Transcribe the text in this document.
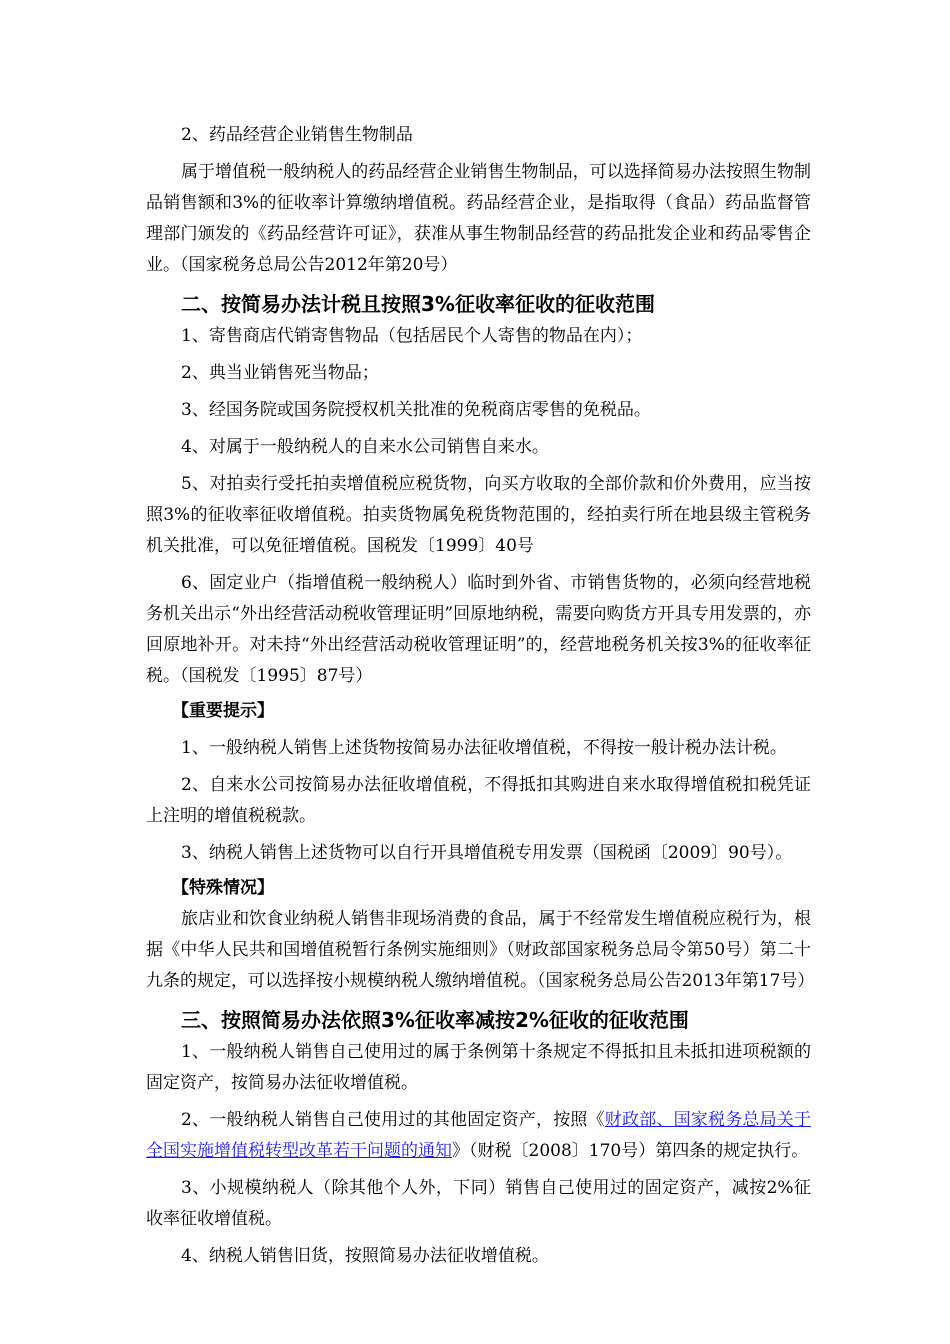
2、药品经营企业销售生物制品

属于增值税一般纳税人的药品经营企业销售生物制品，可以选择简易办法按照生物制品销售额和3%的征收率计算缴纳增值税。药品经营企业，是指取得（食品）药品监督管理部门颁发的《药品经营许可证》，获准从事生物制品经营的药品批发企业和药品零售企业。（国家税务总局公告2012年第20号）

二、按简易办法计税且按照3%征收率征收的征收范围

1、寄售商店代销寄售物品（包括居民个人寄售的物品在内）；

2、典当业销售死当物品；

3、经国务院或国务院授权机关批准的免税商店零售的免税品。

4、对属于一般纳税人的自来水公司销售自来水。

5、对拍卖行受托拍卖增值税应税货物，向买方收取的全部价款和价外费用，应当按照3%的征收率征收增值税。拍卖货物属免税货物范围的，经拍卖行所在地县级主管税务机关批准，可以免征增值税。国税发〔1999〕40号

6、固定业户（指增值税一般纳税人）临时到外省、市销售货物的，必须向经营地税务机关出示“外出经营活动税收管理证明”回原地纳税，需要向购货方开具专用发票的，亦回原地补开。对未持“外出经营活动税收管理证明”的，经营地税务机关按3%的征收率征税。（国税发〔1995〕87号）

【重要提示】

1、一般纳税人销售上述货物按简易办法征收增值税，不得按一般计税办法计税。

2、自来水公司按简易办法征收增值税，不得抵扣其购进自来水取得增值税扣税凭证上注明的增值税税款。

3、纳税人销售上述货物可以自行开具增值税专用发票（国税函〔2009〕90号）。

【特殊情况】

旅店业和饮食业纳税人销售非现场消费的食品，属于不经常发生增值税应税行为，根据《中华人民共和国增值税暂行条例实施细则》（财政部国家税务总局令第50号）第二十九条的规定，可以选择按小规模纳税人缴纳增值税。（国家税务总局公告2013年第17号）

三、按照简易办法依照3%征收率减按2%征收的征收范围

1、一般纳税人销售自己使用过的属于条例第十条规定不得抵扣且未抵扣进项税额的固定资产，按简易办法征收增值税。

2、一般纳税人销售自己使用过的其他固定资产，按照《财政部、国家税务总局关于全国实施增值税转型改革若干问题的通知》（财税〔2008〕170号）第四条的规定执行。

3、小规模纳税人（除其他个人外，下同）销售自己使用过的固定资产，减按2%征收率征收增值税。

4、纳税人销售旧货，按照简易办法征收增值税。
